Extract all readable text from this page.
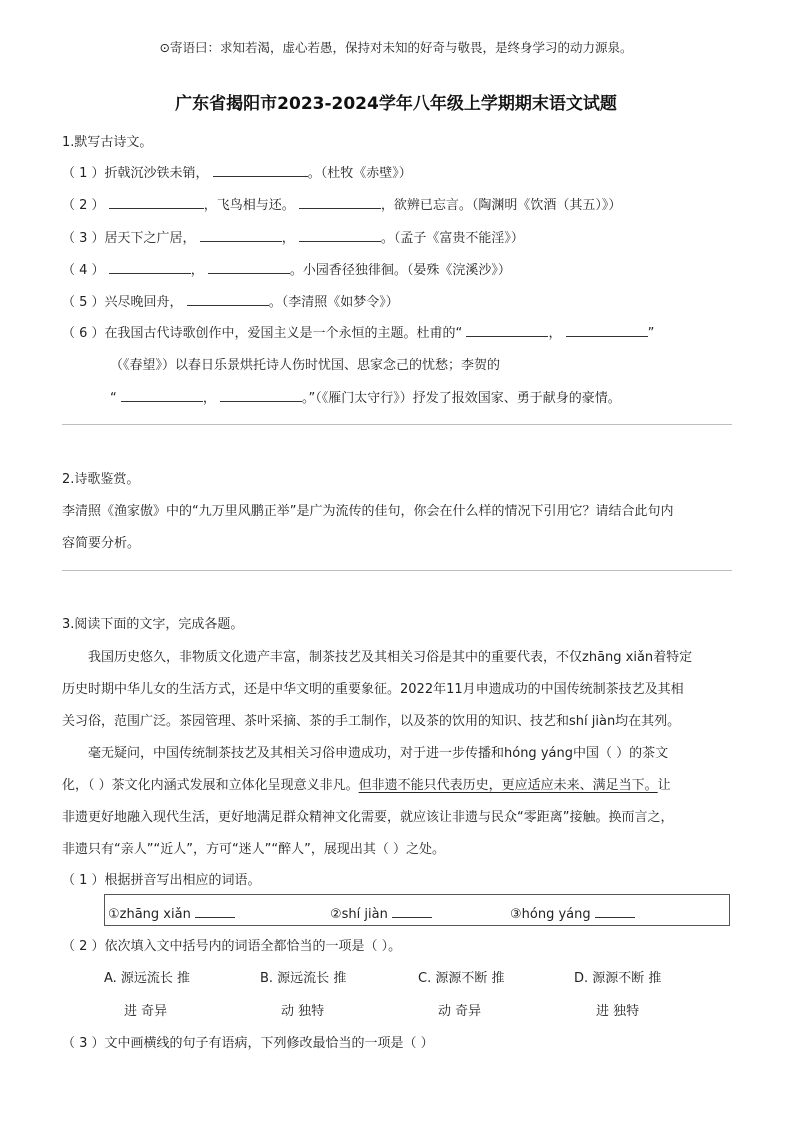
⊙寄语曰：求知若渴，虚心若愚，保持对未知的好奇与敬畏，是终身学习的动力源泉。
广东省揭阳市2023-2024学年八年级上学期期末语文试题
1.默写古诗文。
（ 1 ）折戟沉沙铁未销，	。（杜牧《赤壁》）
（ 2 ）	，飞鸟相与还。	，欲辨已忘言。（陶渊明《饮酒（其五）》）
（ 3 ）居天下之广居，	，	。（孟子《富贵不能淫》）
（ 4 ）	，	。小园香径独徘徊。（晏殊《浣溪沙》）
（ 5 ）兴尽晚回舟，	。（李清照《如梦令》）
（ 6 ）在我国古代诗歌创作中，爱国主义是一个永恒的主题。杜甫的“	，	”
（《春望》）以春日乐景烘托诗人伤时忧国、思家念己的忧愁；李贺的
“	，	。”（《雁门太守行》）抒发了报效国家、勇于献身的豪情。
2.诗歌鉴赏。
李清照《渔家傲》中的“九万里风鹏正举”是广为流传的佳句，你会在什么样的情况下引用它？请结合此句内
容简要分析。
3.阅读下面的文字，完成各题。
我国历史悠久，非物质文化遗产丰富，制茶技艺及其相关习俗是其中的重要代表，不仅zhāng xiǎn着特定
历史时期中华儿女的生活方式，还是中华文明的重要象征。2022年11月申遗成功的中国传统制茶技艺及其相
关习俗，范围广泛。茶园管理、茶叶采摘、茶的手工制作，以及茶的饮用的知识、技艺和shí jiàn均在其列。
毫无疑问，中国传统制茶技艺及其相关习俗申遗成功，对于进一步传播和hóng yáng中国（ ）的茶文
化，（ ）茶文化内涵式发展和立体化呈现意义非凡。但非遗不能只代表历史，更应适应未来、满足当下。让
非遗更好地融入现代生活，更好地满足群众精神文化需要，就应该让非遗与民众“零距离”接触。换而言之，
非遗只有“亲人”“近人”，方可“迷人”“醉人”，展现出其（ ）之处。
（ 1 ）根据拼音写出相应的词语。
①zhāng xiǎn	②shí jiàn	③hóng yáng
（ 2 ）依次填入文中括号内的词语全都恰当的一项是（ ）。
A. 源远流长 推
进 奇异
B. 源远流长 推
动 独特
C. 源源不断 推
动 奇异
D. 源源不断 推
进 独特
（ 3 ）文中画横线的句子有语病，下列修改最恰当的一项是（ ）
